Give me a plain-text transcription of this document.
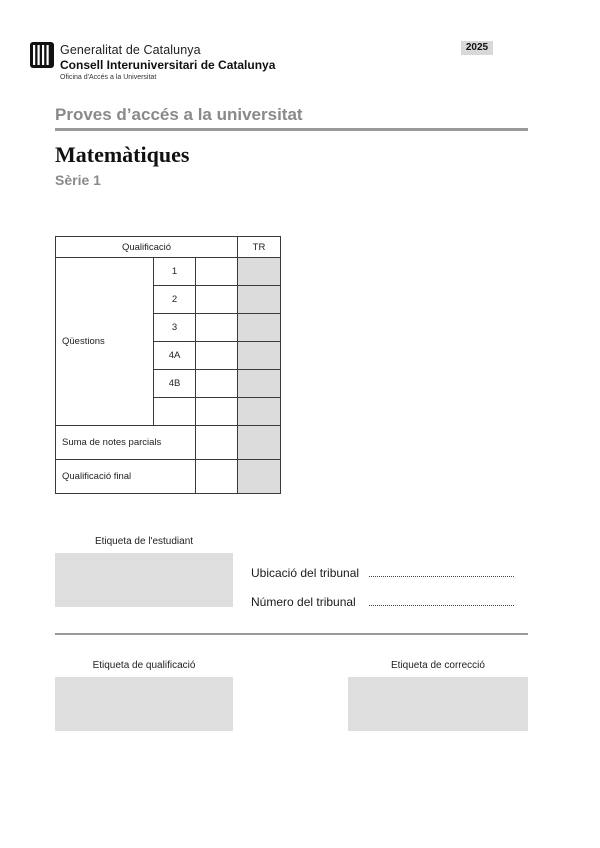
Generalitat de Catalunya
Consell Interuniversitari de Catalunya
Oficina d'Accés a la Universitat
2025
Proves d’accés a la universitat
Matemàtiques
Sèrie 1
Qualificació			TR
Qüestions	1		
	2		
	3		
	4A		
	4B		

Suma de notes parcials			
Qualificació final			
Etiqueta de l'estudiant
Ubicació del tribunal
Número del tribunal
Etiqueta de qualificació	Etiqueta de correcció
